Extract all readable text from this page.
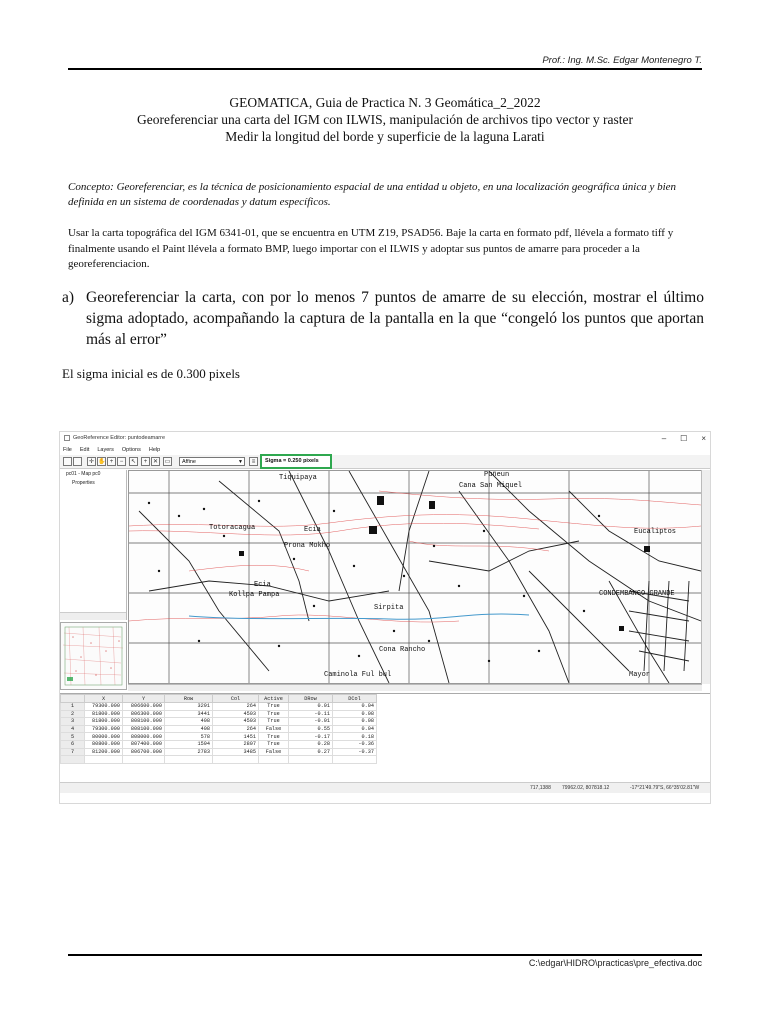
Prof.: Ing. M.Sc. Edgar Montenegro T.
GEOMATICA, Guia de Practica N. 3 Geomática_2_2022
Georeferenciar una carta del IGM con ILWIS, manipulación de archivos tipo vector y raster
Medir la longitud del borde y superficie de la laguna Larati

Concepto: Georeferenciar, es la técnica de posicionamiento espacial de una entidad u objeto, en una localización geográfica única y bien definida en un sistema de coordenadas y datum específicos.

Usar la carta topográfica del IGM 6341-01, que se encuentra en UTM Z19, PSAD56. Baje la carta en formato pdf, llévela a formato tiff y finalmente usando el Paint llévela a formato BMP, luego importar con el ILWIS y adoptar sus puntos de amarre para proceder a la georeferenciacion.

a) Georeferenciar la carta, con por lo menos 7 puntos de amarre de su elección, mostrar el último sigma adoptado, acompañando la captura de la pantalla en la que “congeló los puntos que aportan más al error”
El sigma inicial es de 0.300 pixels
GeoReference Editor: puntodeamarre	– ☐ ×
File Edit Layers Options Help
✛ ✋ +	−	↖	+ ✕	▭	Affine	▼	≡	Sigma = 0.250 pixels
pc01 - Map pc0
Properties
Tiquipaya
Totoracagua	Ecia
Prona Mokho
Ecia
Kollpa Pampa
Sirpita
Cona Rancho
Puñeun
Cana San Miquel
Eucaliptos
CONDEMBANGO GRANDE
Caminola Ful bul	Mayor
	X	Y	Row	Col	Active	DRow	DCol
1	79300.000	806600.000	3291	264	True	0.01	0.04
2	81800.000	806300.000	3441	4503	True	-0.11	0.08
3	81800.000	808100.000	408	4503	True	-0.01	0.08
4	79300.000	808100.000	408	264	False	0.55	0.04
5	80000.000	808000.000	578	1451	True	-0.17	0.18
6	80800.000	807400.000	1594	2807	True	0.28	-0.36
7	81200.000	806700.000	2783	3485	False	0.27	-0.37

717,1388 79962.02, 807818.12	-17°21'49.79"S, 66°35'02.81"W
C:\edgar\HIDRO\practicas\pre_efectiva.doc
